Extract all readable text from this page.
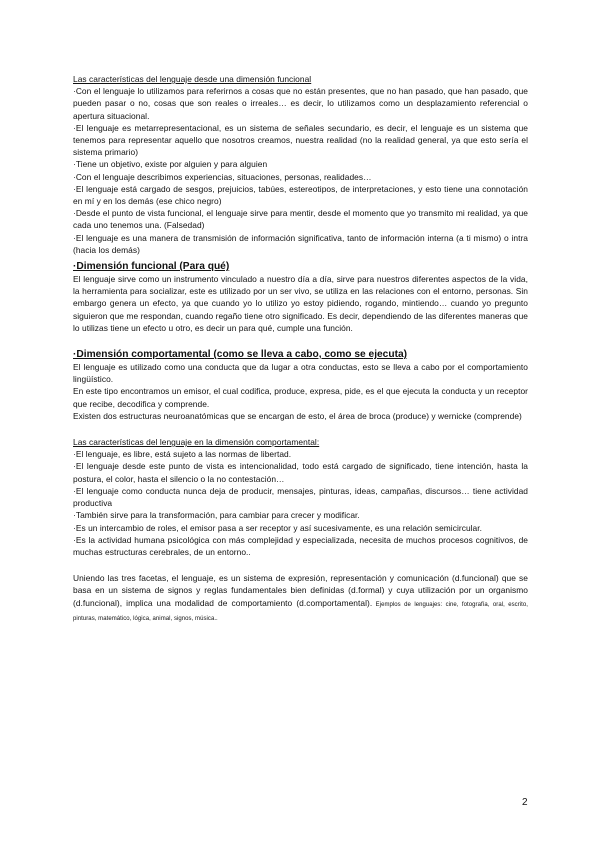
Las características del lenguaje desde una dimensión funcional

·Con el lenguaje lo utilizamos para referirnos a cosas que no están presentes, que no han pasado, que han pasado, que pueden pasar o no, cosas que son reales o irreales… es decir, lo utilizamos como un desplazamiento referencial o apertura situacional.

·El lenguaje es metarrepresentacional, es un sistema de señales secundario, es decir, el lenguaje es un sistema que tenemos para representar aquello que nosotros creamos, nuestra realidad (no la realidad general, ya que esto sería el sistema primario)

·Tiene un objetivo, existe por alguien y para alguien

·Con el lenguaje describimos experiencias, situaciones, personas, realidades…

·El lenguaje está cargado de sesgos, prejuicios, tabúes, estereotipos, de interpretaciones, y esto tiene una connotación en mí y en los demás (ese chico negro)

·Desde el punto de vista funcional, el lenguaje sirve para mentir, desde el momento que yo transmito mi realidad, ya que cada uno tenemos una. (Falsedad)

·El lenguaje es una manera de transmisión de información significativa, tanto de información interna (a ti mismo) o intra (hacia los demás)

·Dimensión funcional (Para qué)

El lenguaje sirve como un instrumento vinculado a nuestro día a día, sirve para nuestros diferentes aspectos de la vida, la herramienta para socializar, este es utilizado por un ser vivo, se utiliza en las relaciones con el entorno, personas. Sin embargo genera un efecto, ya que cuando yo lo utilizo yo estoy pidiendo, rogando, mintiendo… cuando yo pregunto siguieron que me respondan, cuando regaño tiene otro significado. Es decir, dependiendo de las diferentes maneras que lo utilizas tiene un efecto u otro, es decir un para qué, cumple una función.

·Dimensión comportamental (como se lleva a cabo, como se ejecuta)

El lenguaje es utilizado como una conducta que da lugar a otra conductas, esto se lleva a cabo por el comportamiento lingüístico.

En este tipo encontramos un emisor, el cual codifica, produce, expresa, pide, es el que ejecuta la conducta y un receptor que recibe, decodifica y comprende.

Existen dos estructuras neuroanatómicas que se encargan de esto, el área de broca (produce) y wernicke (comprende)

Las características del lenguaje en la dimensión comportamental:

·El lenguaje, es libre, está sujeto a las normas de libertad.

·El lenguaje desde este punto de vista es intencionalidad, todo está cargado de significado, tiene intención, hasta la postura, el color, hasta el silencio o la no contestación…

·El lenguaje como conducta nunca deja de producir, mensajes, pinturas, ideas, campañas, discursos… tiene actividad productiva

·También sirve para la transformación, para cambiar para crecer y modificar.

·Es un intercambio de roles, el emisor pasa a ser receptor y así sucesivamente, es una relación semicircular.

·Es la actividad humana psicológica con más complejidad y especializada, necesita de muchos procesos cognitivos, de muchas estructuras cerebrales, de un entorno..

Uniendo las tres facetas, el lenguaje, es un sistema de expresión, representación y comunicación (d.funcional) que se basa en un sistema de signos y reglas fundamentales bien definidas (d.formal) y cuya utilización por un organismo (d.funcional), implica una modalidad de comportamiento (d.comportamental). Ejemplos de lenguajes: cine, fotografía, oral, escrito, pinturas, matemático, lógica, animal, signos, música..

2
